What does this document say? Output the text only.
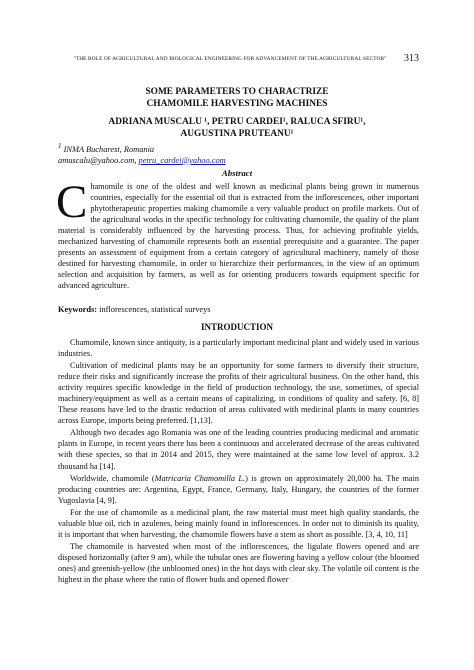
"THE ROLE OF AGRICULTURAL AND BIOLOGICAL ENGINEERING FOR ADVANCEMENT OF THE AGRICULTURAL SECTOR"	313
SOME PARAMETERS TO CHARACTRIZE
CHAMOMILE HARVESTING MACHINES
ADRIANA MUSCALU ¹, PETRU CARDEI¹, RALUCA SFIRU¹,
AUGUSTINA PRUTEANU¹
$^1$ INMA Bucharest, Romania
amuscalu@yahoo.com, petru_cardei@yahoo.com
Abstract
Chamomile is one of the oldest and well known as medicinal plants being grown in numerous countries, especially for the essential oil that is extracted from the inflorescences, other important phytotherapeutic properties making chamomile a very valuable product on profile markets. Out of the agricultural works in the specific technology for cultivating chamomile, the quality of the plant material is considerably influenced by the harvesting process. Thus, for achieving profitable yields, mechanized harvesting of chamomile represents both an essential prerequisite and a guarantee. The paper presents an assessment of equipment from a certain category of agricultural machinery, namely of those destined for harvesting chamomile, in order to hierarchize their performances, in the view of an optimum selection and acquisition by farmers, as well as for orienting producers towards equipment specific for advanced agriculture.
Keywords: inflorescences, statistical surveys
INTRODUCTION

Chamomile, known since antiquity, is a particularly important medicinal plant and widely used in various industries.

Cultivation of medicinal plants may be an opportunity for some farmers to diversify their structure, reduce their risks and significantly increase the profits of their agricultural business. On the other hand, this activity requires specific knowledge in the field of production technology, the use, sometimes, of special machinery/equipment as well as a certain means of capitalizing, in conditions of quality and safety. [6, 8] These reasons have led to the drastic reduction of areas cultivated with medicinal plants in many countries across Europe, imports being preferred. [1,13].

Although two decades ago Romania was one of the leading countries producing medicinal and aromatic plants in Europe, in recent years there has been a continuous and accelerated decrease of the areas cultivated with these species, so that in 2014 and 2015, they were maintained at the same low level of approx. 3.2 thousand ha [14].

Worldwide, chamomile (Matricaria Chamomilla L.) is grown on approximately 20,000 ha. The main producing countries are: Argentina, Egypt, France, Germany, Italy, Hungary, the countries of the former Yugoslavia [4, 9].

For the use of chamomile as a medicinal plant, the raw material must meet high quality standards, the valuable blue oil, rich in azulenes, being mainly found in inflorescences. In order not to diminish its quality, it is important that when harvesting, the chamomile flowers have a stem as short as possible. [3, 4, 10, 11]

The chamomile is harvested when most of the inflorescences, the ligulate flowers opened and are disposed horizontally (after 9 am), while the tubular ones are flowering having a yellow colour (the bloomed ones) and greenish-yellow (the unbloomed ones) in the hot days with clear sky. The volatile oil content is the highest in the phase where the ratio of flower buds and opened flower
